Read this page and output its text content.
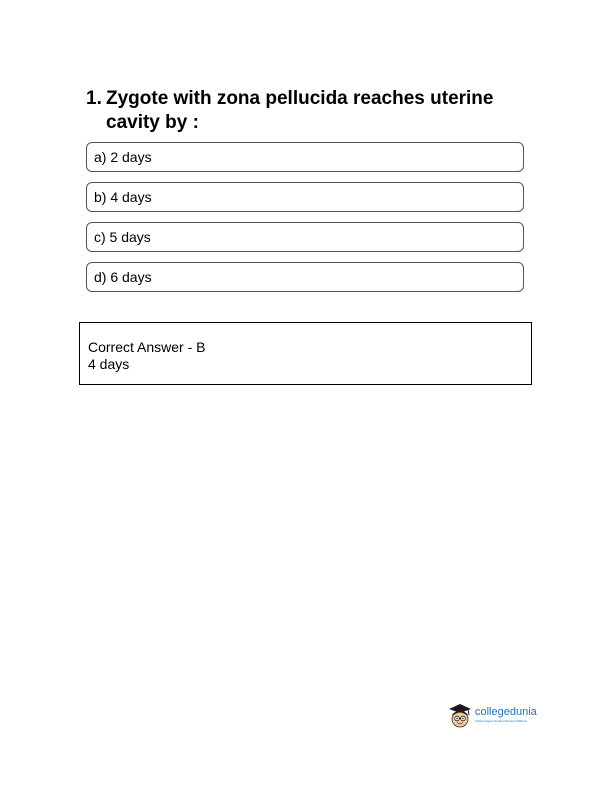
1. Zygote with zona pellucida reaches uterine cavity by :
a) 2 days
b) 4 days
c) 5 days
d) 6 days
Correct Answer - B
4 days
collegedunia
India's largest Student Review Platform
